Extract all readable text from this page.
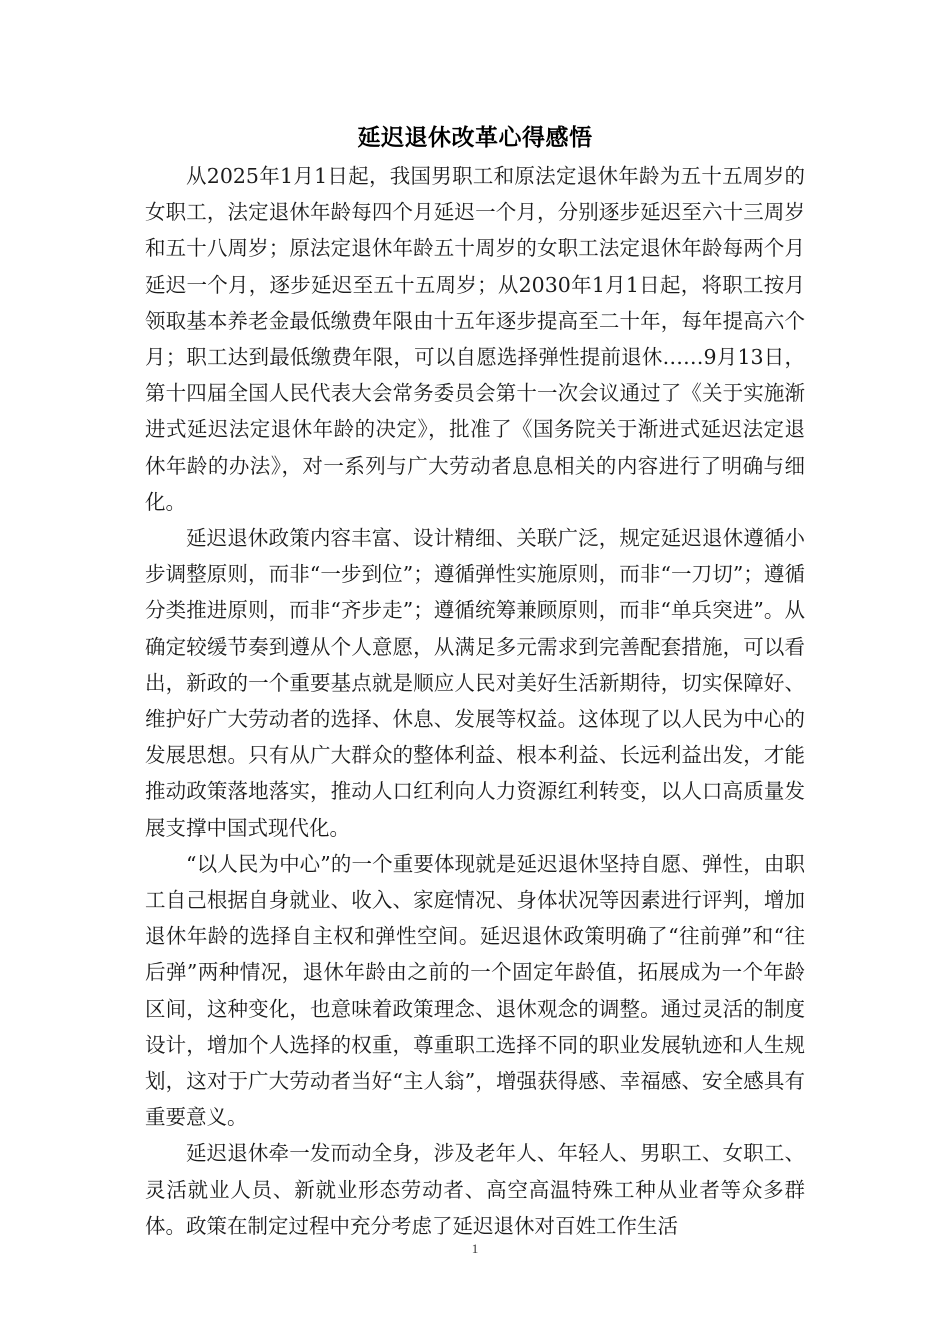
延迟退休改革心得感悟

从2025年1月1日起，我国男职工和原法定退休年龄为五十五周岁的女职工，法定退休年龄每四个月延迟一个月，分别逐步延迟至六十三周岁和五十八周岁；原法定退休年龄五十周岁的女职工法定退休年龄每两个月延迟一个月，逐步延迟至五十五周岁；从2030年1月1日起，将职工按月领取基本养老金最低缴费年限由十五年逐步提高至二十年，每年提高六个月；职工达到最低缴费年限，可以自愿选择弹性提前退休……9月13日，第十四届全国人民代表大会常务委员会第十一次会议通过了《关于实施渐进式延迟法定退休年龄的决定》，批准了《国务院关于渐进式延迟法定退休年龄的办法》，对一系列与广大劳动者息息相关的内容进行了明确与细化。

延迟退休政策内容丰富、设计精细、关联广泛，规定延迟退休遵循小步调整原则，而非“一步到位”；遵循弹性实施原则，而非“一刀切”；遵循分类推进原则，而非“齐步走”；遵循统筹兼顾原则，而非“单兵突进”。从确定较缓节奏到遵从个人意愿，从满足多元需求到完善配套措施，可以看出，新政的一个重要基点就是顺应人民对美好生活新期待，切实保障好、维护好广大劳动者的选择、休息、发展等权益。这体现了以人民为中心的发展思想。只有从广大群众的整体利益、根本利益、长远利益出发，才能推动政策落地落实，推动人口红利向人力资源红利转变，以人口高质量发展支撑中国式现代化。

“以人民为中心”的一个重要体现就是延迟退休坚持自愿、弹性，由职工自己根据自身就业、收入、家庭情况、身体状况等因素进行评判，增加退休年龄的选择自主权和弹性空间。延迟退休政策明确了“往前弹”和“往后弹”两种情况，退休年龄由之前的一个固定年龄值，拓展成为一个年龄区间，这种变化，也意味着政策理念、退休观念的调整。通过灵活的制度设计，增加个人选择的权重，尊重职工选择不同的职业发展轨迹和人生规划，这对于广大劳动者当好“主人翁”，增强获得感、幸福感、安全感具有重要意义。

延迟退休牵一发而动全身，涉及老年人、年轻人、男职工、女职工、灵活就业人员、新就业形态劳动者、高空高温特殊工种从业者等众多群体。政策在制定过程中充分考虑了延迟退休对百姓工作生活

1
